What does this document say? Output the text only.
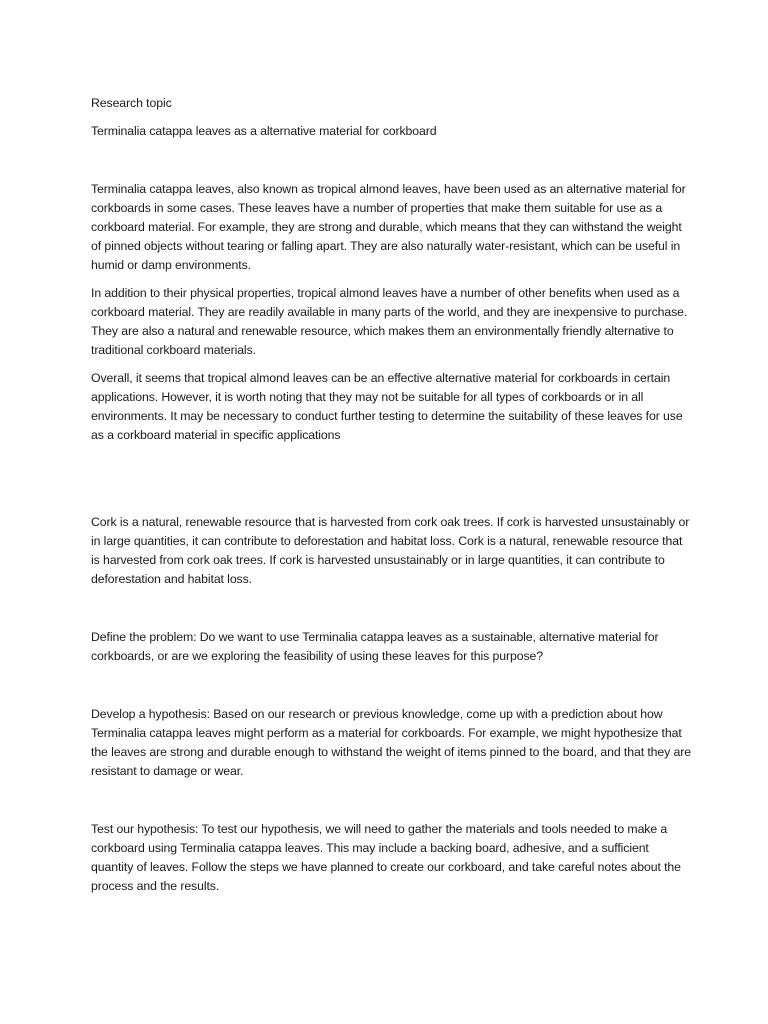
Research topic

Terminalia catappa leaves as a alternative material for corkboard

Terminalia catappa leaves, also known as tropical almond leaves, have been used as an alternative material for corkboards in some cases. These leaves have a number of properties that make them suitable for use as a corkboard material. For example, they are strong and durable, which means that they can withstand the weight of pinned objects without tearing or falling apart. They are also naturally water-resistant, which can be useful in humid or damp environments.

In addition to their physical properties, tropical almond leaves have a number of other benefits when used as a corkboard material. They are readily available in many parts of the world, and they are inexpensive to purchase. They are also a natural and renewable resource, which makes them an environmentally friendly alternative to traditional corkboard materials.

Overall, it seems that tropical almond leaves can be an effective alternative material for corkboards in certain applications. However, it is worth noting that they may not be suitable for all types of corkboards or in all environments. It may be necessary to conduct further testing to determine the suitability of these leaves for use as a corkboard material in specific applications

Cork is a natural, renewable resource that is harvested from cork oak trees. If cork is harvested unsustainably or in large quantities, it can contribute to deforestation and habitat loss. Cork is a natural, renewable resource that is harvested from cork oak trees. If cork is harvested unsustainably or in large quantities, it can contribute to deforestation and habitat loss.

Define the problem: Do we want to use Terminalia catappa leaves as a sustainable, alternative material for corkboards, or are we exploring the feasibility of using these leaves for this purpose?

Develop a hypothesis: Based on our research or previous knowledge, come up with a prediction about how Terminalia catappa leaves might perform as a material for corkboards. For example, we might hypothesize that the leaves are strong and durable enough to withstand the weight of items pinned to the board, and that they are resistant to damage or wear.

Test our hypothesis: To test our hypothesis, we will need to gather the materials and tools needed to make a corkboard using Terminalia catappa leaves. This may include a backing board, adhesive, and a sufficient quantity of leaves. Follow the steps we have planned to create our corkboard, and take careful notes about the process and the results.
